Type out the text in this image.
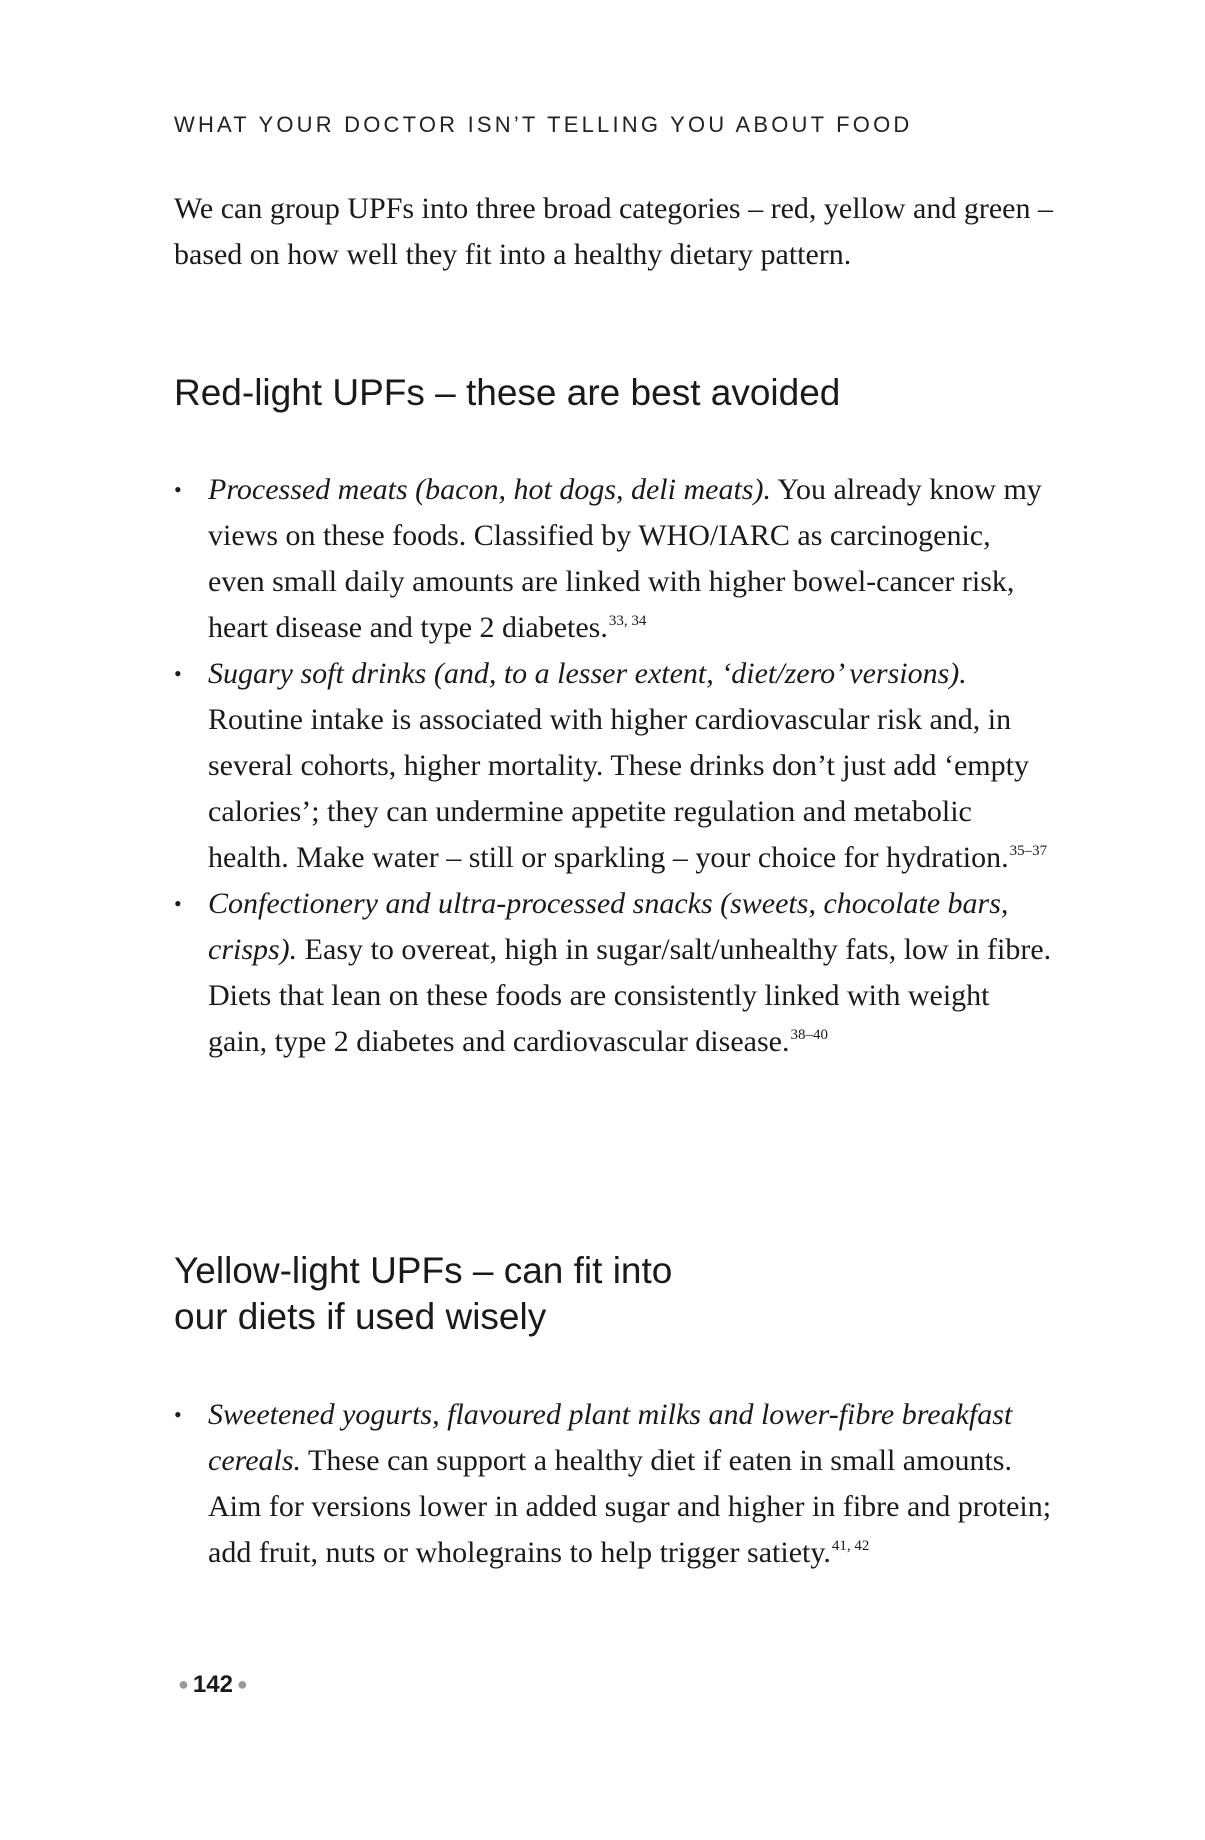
WHAT YOUR DOCTOR ISN’T TELLING YOU ABOUT FOOD

We can group UPFs into three broad categories – red, yellow and green – based on how well they fit into a healthy dietary pattern.

Red-light UPFs – these are best avoided
• Processed meats (bacon, hot dogs, deli meats). You already know my views on these foods. Classified by WHO/IARC as carcinogenic, even small daily amounts are linked with higher bowel-cancer risk, heart disease and type 2 diabetes.$^{33, 34}$
• Sugary soft drinks (and, to a lesser extent, ‘diet/zero’ versions). Routine intake is associated with higher cardiovascular risk and, in several cohorts, higher mortality. These drinks don’t just add ‘empty calories’; they can undermine appetite regulation and metabolic health. Make water – still or sparkling – your choice for hydration.$^{35-37}$
• Confectionery and ultra-processed snacks (sweets, chocolate bars, crisps). Easy to overeat, high in sugar/salt/unhealthy fats, low in fibre. Diets that lean on these foods are consistently linked with weight gain, type 2 diabetes and cardiovascular disease.$^{38-40}$
Yellow-light UPFs – can fit into
our diets if used wisely
• Sweetened yogurts, flavoured plant milks and lower-fibre breakfast cereals. These can support a healthy diet if eaten in small amounts. Aim for versions lower in added sugar and higher in fibre and protein; add fruit, nuts or wholegrains to help trigger satiety.$^{41, 42}$
● 142 ●
